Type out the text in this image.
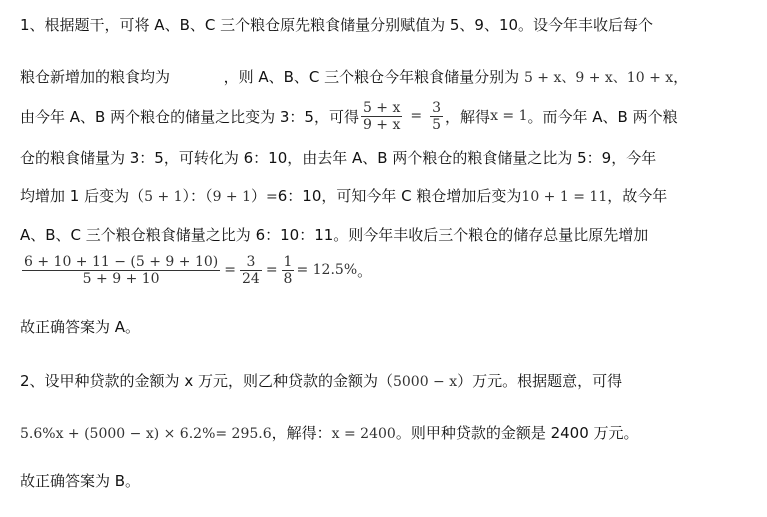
1、根据题干，可将 A、B、C 三个粮仓原先粮食储量分别赋值为 5、9、10。设今年丰收后每个
粮仓新增加的粮食均为	，则 A、B、C 三个粮仓今年粮食储量分别为 5 + x、9 + x、10 + x，
由今年 A、B 两个粮仓的储量之比变为 3：5，可得 $\frac{5 + x}{9 + x} = \frac{3}{5}$ ，解得 x = 1 。而今年 A、B 两个粮
仓的粮食储量为 3：5，可转化为 6：10，由去年 A、B 两个粮仓的粮食储量之比为 5：9，今年
均增加 1 后变为（5 + 1）：（9 + 1）=6：10，可知今年 C 粮仓增加后变为10 + 1 = 11，故今年
A、B、C 三个粮仓粮食储量之比为 6：10：11。则今年丰收后三个粮仓的储存总量比原先增加
$\frac{6 + 10 + 11 - (5 + 9 + 10)}{5 + 9 + 10} = \frac{3}{24} = \frac{1}{8} = 12.5\%$ 。
故正确答案为 A。
2、设甲种贷款的金额为 x 万元，则乙种贷款的金额为（5000 − x）万元。根据题意，可得
5.6%x + (5000 − x) × 6.2%= 295.6，解得：x = 2400。则甲种贷款的金额是 2400 万元。
故正确答案为 B。
